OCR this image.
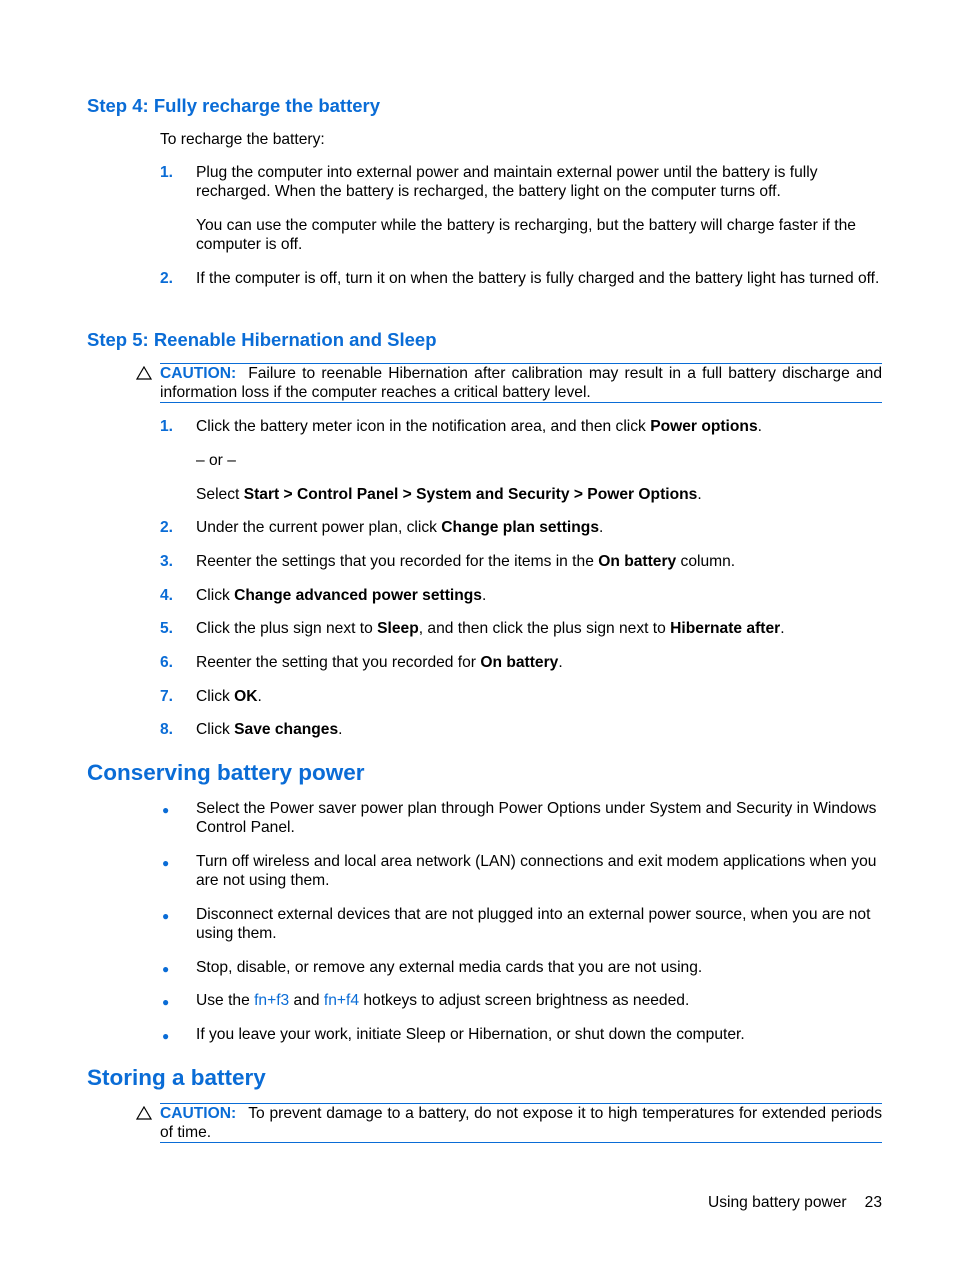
Step 4: Fully recharge the battery
To recharge the battery:
1. Plug the computer into external power and maintain external power until the battery is fully recharged. When the battery is recharged, the battery light on the computer turns off.
You can use the computer while the battery is recharging, but the battery will charge faster if the computer is off.
2. If the computer is off, turn it on when the battery is fully charged and the battery light has turned off.
Step 5: Reenable Hibernation and Sleep
CAUTION: Failure to reenable Hibernation after calibration may result in a full battery discharge and information loss if the computer reaches a critical battery level.
1. Click the battery meter icon in the notification area, and then click Power options.
– or –
Select Start > Control Panel > System and Security > Power Options.
2. Under the current power plan, click Change plan settings.
3. Reenter the settings that you recorded for the items in the On battery column.
4. Click Change advanced power settings.
5. Click the plus sign next to Sleep, and then click the plus sign next to Hibernate after.
6. Reenter the setting that you recorded for On battery.
7. Click OK.
8. Click Save changes.
Conserving battery power
● Select the Power saver power plan through Power Options under System and Security in Windows Control Panel.
● Turn off wireless and local area network (LAN) connections and exit modem applications when you are not using them.
● Disconnect external devices that are not plugged into an external power source, when you are not using them.
● Stop, disable, or remove any external media cards that you are not using.
● Use the fn+f3 and fn+f4 hotkeys to adjust screen brightness as needed.
● If you leave your work, initiate Sleep or Hibernation, or shut down the computer.
Storing a battery
CAUTION: To prevent damage to a battery, do not expose it to high temperatures for extended periods of time.
Using battery power 23
